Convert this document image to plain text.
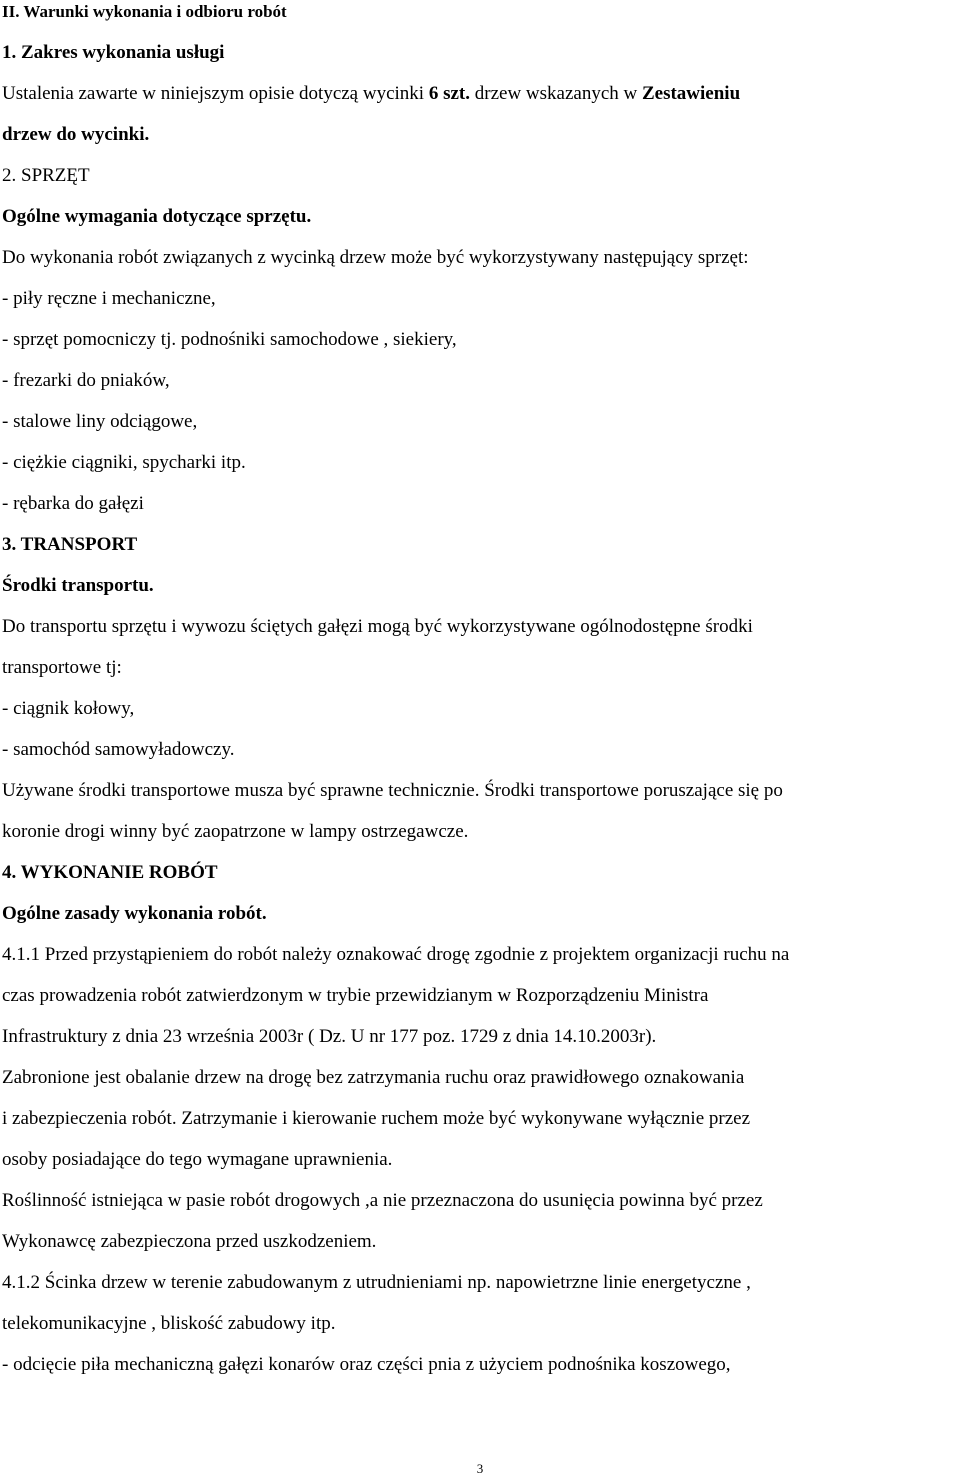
II. Warunki wykonania i odbioru robót
1. Zakres wykonania usługi
Ustalenia zawarte w niniejszym opisie dotyczą wycinki 6 szt. drzew wskazanych w Zestawieniu
drzew do wycinki.
2. SPRZĘT
Ogólne wymagania dotyczące sprzętu.
Do wykonania robót związanych z wycinką drzew może być wykorzystywany następujący sprzęt:
- piły ręczne i mechaniczne,
- sprzęt pomocniczy tj. podnośniki samochodowe , siekiery,
- frezarki do pniaków,
- stalowe liny odciągowe,
- ciężkie ciągniki, spycharki itp.
- rębarka do gałęzi
3. TRANSPORT
Środki transportu.
Do transportu sprzętu i wywozu ściętych gałęzi mogą być wykorzystywane ogólnodostępne środki
transportowe tj:
- ciągnik kołowy,
- samochód samowyładowczy.
Używane środki transportowe musza być sprawne technicznie. Środki transportowe poruszające się po
koronie drogi winny być zaopatrzone w lampy ostrzegawcze.
4. WYKONANIE ROBÓT
Ogólne zasady wykonania robót.
4.1.1 Przed przystąpieniem do robót należy oznakować drogę zgodnie z projektem organizacji ruchu na
czas prowadzenia robót zatwierdzonym w trybie przewidzianym w Rozporządzeniu Ministra
Infrastruktury z dnia 23 września 2003r ( Dz. U nr 177 poz. 1729 z dnia 14.10.2003r).
Zabronione jest obalanie drzew na drogę bez zatrzymania ruchu oraz prawidłowego oznakowania
i zabezpieczenia robót. Zatrzymanie i kierowanie ruchem może być wykonywane wyłącznie przez
osoby posiadające do tego wymagane uprawnienia.
Roślinność istniejąca w pasie robót drogowych ,a nie przeznaczona do usunięcia powinna być przez
Wykonawcę zabezpieczona przed uszkodzeniem.
4.1.2 Ścinka drzew w terenie zabudowanym z utrudnieniami np. napowietrzne linie energetyczne ,
telekomunikacyjne , bliskość zabudowy itp.
- odcięcie piła mechaniczną gałęzi konarów oraz części pnia z użyciem podnośnika koszowego,
3
